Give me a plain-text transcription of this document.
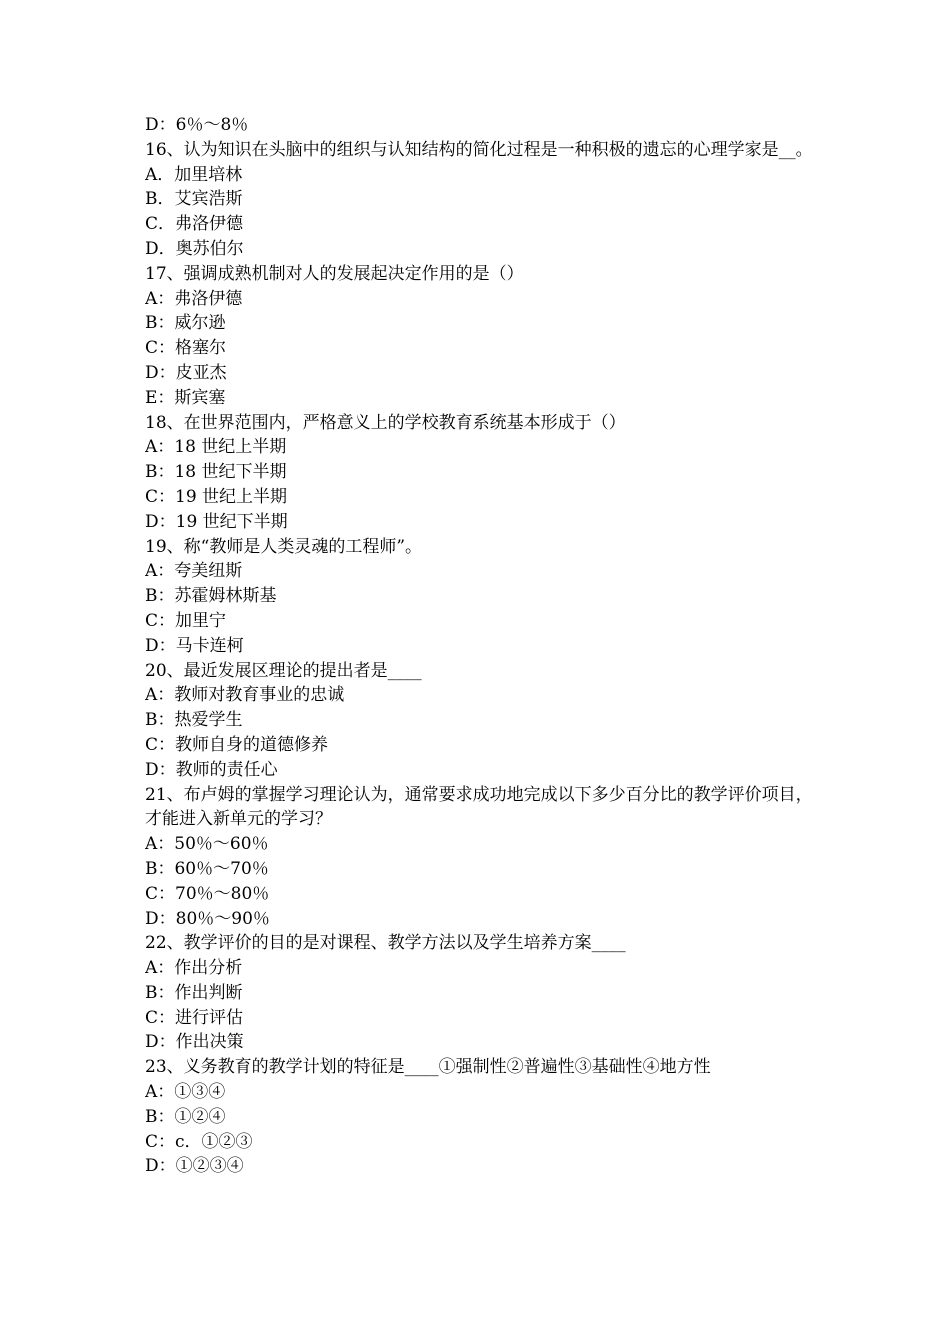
D：6％～8％
16、认为知识在头脑中的组织与认知结构的简化过程是一种积极的遗忘的心理学家是__。
A．加里培林
B．艾宾浩斯
C．弗洛伊德
D．奥苏伯尔
17、强调成熟机制对人的发展起决定作用的是（）
A：弗洛伊德
B：威尔逊
C：格塞尔
D：皮亚杰
E：斯宾塞
18、在世界范围内，严格意义上的学校教育系统基本形成于（）
A：18 世纪上半期
B：18 世纪下半期
C：19 世纪上半期
D：19 世纪下半期
19、称“教师是人类灵魂的工程师”。
A：夸美纽斯
B：苏霍姆林斯基
C：加里宁
D：马卡连柯
20、最近发展区理论的提出者是____
A：教师对教育事业的忠诚
B：热爱学生
C：教师自身的道德修养
D：教师的责任心
21、布卢姆的掌握学习理论认为，通常要求成功地完成以下多少百分比的教学评价项目，才能进入新单元的学习？
A：50％～60％
B：60％～70％
C：70％～80％
D：80％～90％
22、教学评价的目的是对课程、教学方法以及学生培养方案____
A：作出分析
B：作出判断
C：进行评估
D：作出决策
23、义务教育的教学计划的特征是____①强制性②普遍性③基础性④地方性
A：①③④
B：①②④
C：c．①②③
D：①②③④
